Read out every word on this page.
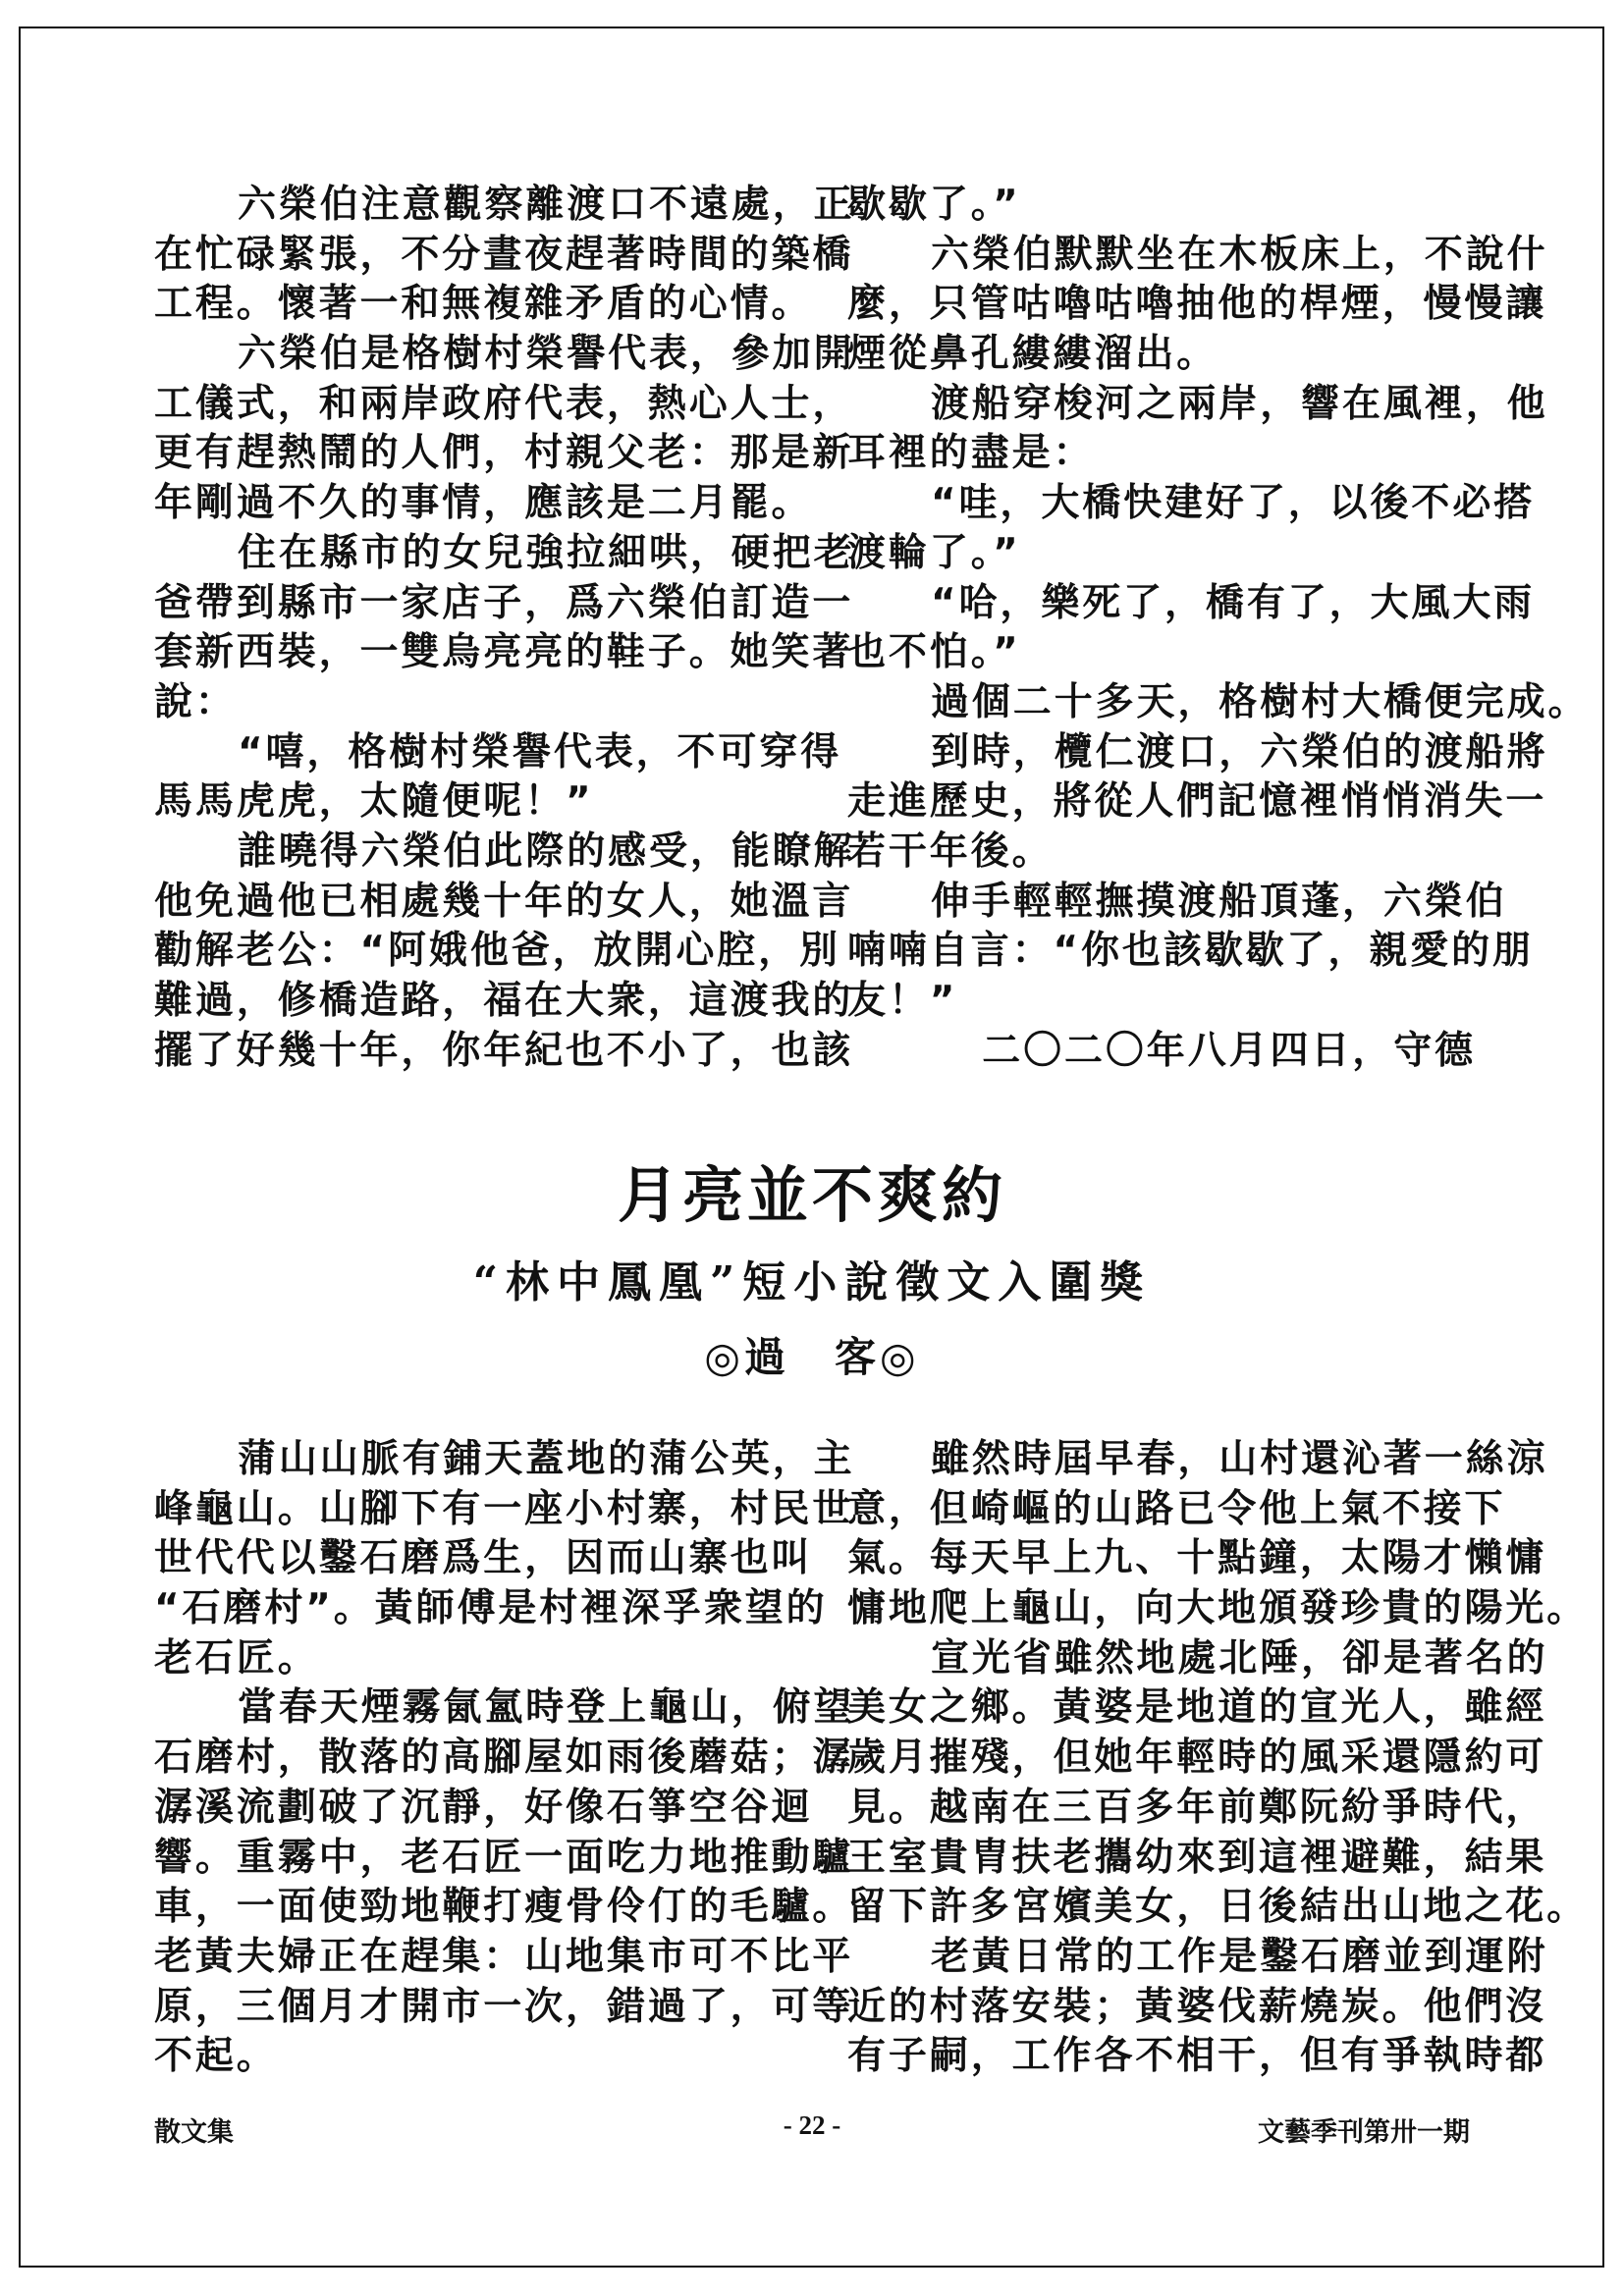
六榮伯注意觀察離渡口不遠處，正
在忙碌緊張，不分晝夜趕著時間的築橋
工程。懷著一和無複雜矛盾的心情。
六榮伯是格樹村榮譽代表，參加開
工儀式，和兩岸政府代表，熱心人士，
更有趕熱鬧的人們，村親父老：那是新
年剛過不久的事情，應該是二月罷。
住在縣市的女兒強拉細哄，硬把老
爸帶到縣市一家店子，爲六榮伯訂造一
套新西裝，一雙烏亮亮的鞋子。她笑著
說：
“嘻，格樹村榮譽代表，不可穿得
馬馬虎虎，太隨便呢！”
誰曉得六榮伯此際的感受，能瞭解
他免過他已相處幾十年的女人，她溫言
勸解老公：“阿娥他爸，放開心腔，別
難過，修橋造路，福在大衆，這渡我的
擺了好幾十年，你年紀也不小了，也該
歇歇了。”
六榮伯默默坐在木板床上，不說什
麼，只管咕嚕咕嚕抽他的桿煙，慢慢讓
煙從鼻孔縷縷溜出。
渡船穿梭河之兩岸，響在風裡，他
耳裡的盡是：
“哇，大橋快建好了，以後不必搭
渡輪了。”
“哈，樂死了，橋有了，大風大雨
也不怕。”
過個二十多天，格樹村大橋便完成。
到時，欖仁渡口，六榮伯的渡船將
走進歷史，將從人們記憶裡悄悄消失一
若干年後。
伸手輕輕撫摸渡船頂蓬，六榮伯
喃喃自言：“你也該歇歇了，親愛的朋
友！”
二〇二〇年八月四日，守德
月亮並不爽約
“林中鳳凰”短小說徵文入圍獎
◎過　客◎
蒲山山脈有鋪天蓋地的蒲公英，主
峰龜山。山腳下有一座小村寨，村民世
世代代以鑿石磨爲生，因而山寨也叫
“石磨村”。黃師傅是村裡深孚衆望的
老石匠。
當春天煙霧氤氳時登上龜山，俯望
石磨村，散落的高腳屋如雨後蘑菇；潺
潺溪流劃破了沉靜，好像石箏空谷迴
響。重霧中，老石匠一面吃力地推動驢
車，一面使勁地鞭打瘦骨伶仃的毛驢。
老黃夫婦正在趕集：山地集市可不比平
原，三個月才開市一次，錯過了，可等
不起。
雖然時屆早春，山村還沁著一絲涼
意，但崎嶇的山路已令他上氣不接下
氣。每天早上九、十點鐘，太陽才懶慵
慵地爬上龜山，向大地頒發珍貴的陽光。
宣光省雖然地處北陲，卻是著名的
美女之鄉。黃婆是地道的宣光人，雖經
歲月摧殘，但她年輕時的風采還隱約可
見。越南在三百多年前鄭阮紛爭時代，
王室貴胄扶老攜幼來到這裡避難，結果
留下許多宮嬪美女，日後結出山地之花。
老黃日常的工作是鑿石磨並到運附
近的村落安裝；黃婆伐薪燒炭。他們沒
有子嗣，工作各不相干，但有爭執時都
散文集	- 22 -	文藝季刊第卅一期
